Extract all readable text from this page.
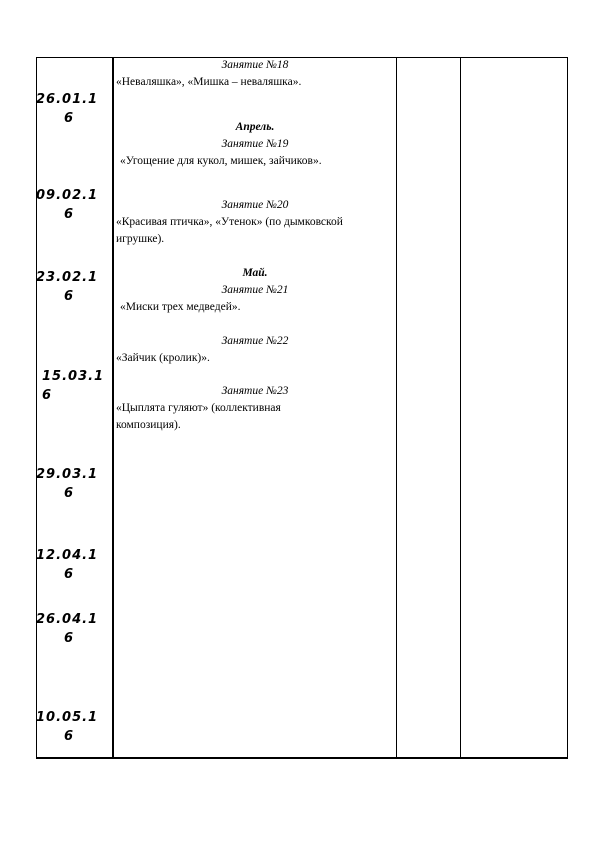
26.01.1
6
09.02.1
6
23.02.1
6
15.03.1
6
29.03.1
6
12.04.1
6
26.04.1
6
10.05.1
6
Занятие №18
«Неваляшка», «Мишка – неваляшка».
Апрель.
Занятие №19
«Угощение для кукол, мишек, зайчиков».
Занятие №20
«Красивая птичка», «Утенок» (по дымковской игрушке).
Май.
Занятие №21
«Миски трех медведей».
Занятие №22
«Зайчик (кролик)».
Занятие №23
«Цыплята гуляют» (коллективная композиция).
